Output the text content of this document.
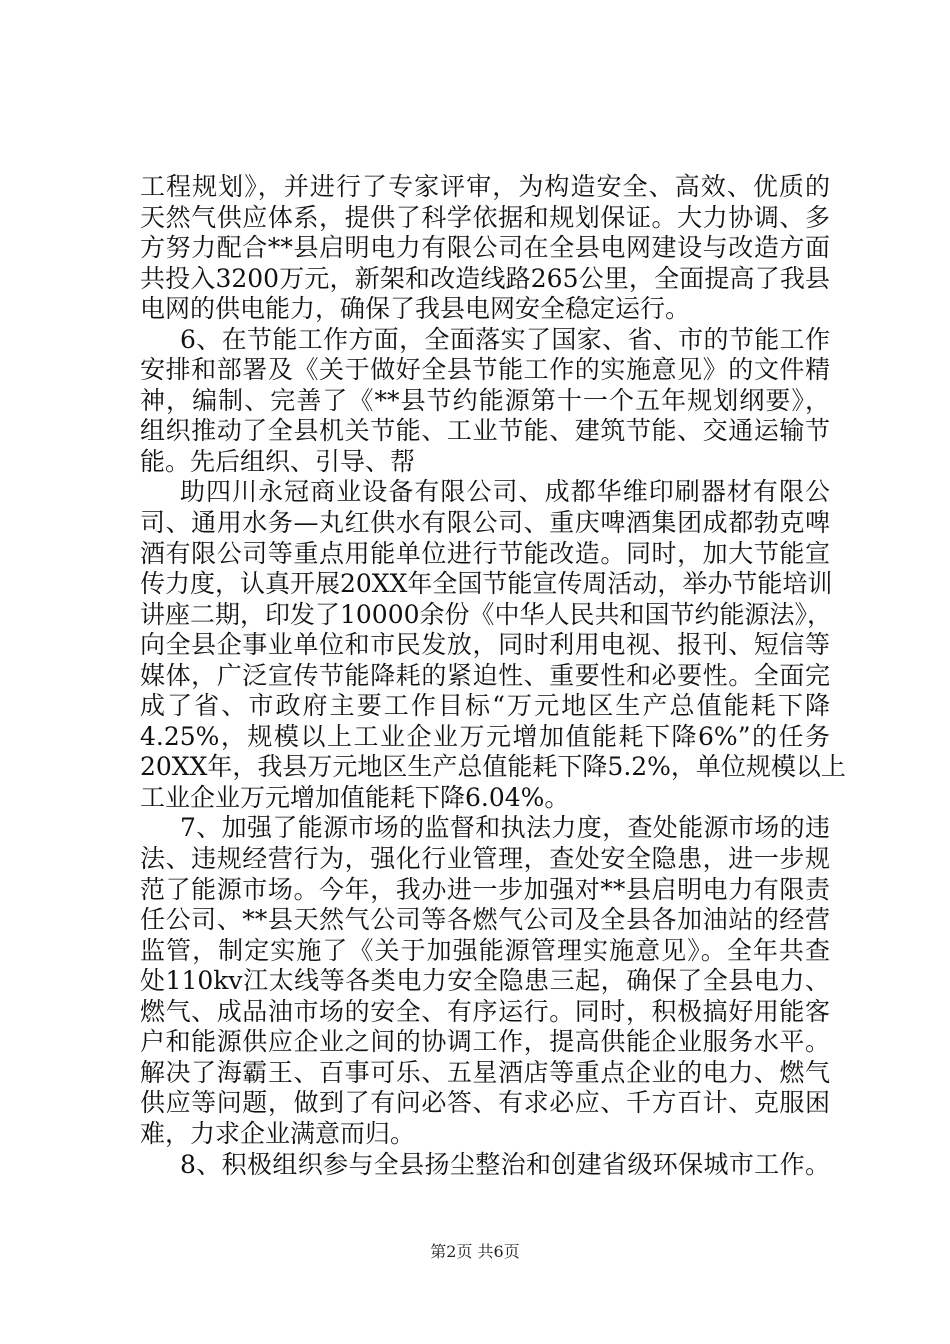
工程规划》，并进行了专家评审，为构造安全、高效、优质的
天然气供应体系，提供了科学依据和规划保证。大力协调、多
方努力配合**县启明电力有限公司在全县电网建设与改造方面
共投入3200万元，新架和改造线路265公里，全面提高了我县
电网的供电能力，确保了我县电网安全稳定运行。
6、在节能工作方面，全面落实了国家、省、市的节能工作
安排和部署及《关于做好全县节能工作的实施意见》的文件精
神，编制、完善了《**县节约能源第十一个五年规划纲要》，
组织推动了全县机关节能、工业节能、建筑节能、交通运输节
能。先后组织、引导、帮
助四川永冠商业设备有限公司、成都华维印刷器材有限公
司、通用水务—丸红供水有限公司、重庆啤酒集团成都勃克啤
酒有限公司等重点用能单位进行节能改造。同时，加大节能宣
传力度，认真开展20XX年全国节能宣传周活动，举办节能培训
讲座二期，印发了10000余份《中华人民共和国节约能源法》，
向全县企事业单位和市民发放，同时利用电视、报刊、短信等
媒体，广泛宣传节能降耗的紧迫性、重要性和必要性。全面完
成了省、市政府主要工作目标“万元地区生产总值能耗下降
4.25%，规模以上工业企业万元增加值能耗下降6%”的任务
20XX年，我县万元地区生产总值能耗下降5.2%，单位规模以上
工业企业万元增加值能耗下降6.04%。
7、加强了能源市场的监督和执法力度，查处能源市场的违
法、违规经营行为，强化行业管理，查处安全隐患，进一步规
范了能源市场。今年，我办进一步加强对**县启明电力有限责
任公司、**县天然气公司等各燃气公司及全县各加油站的经营
监管，制定实施了《关于加强能源管理实施意见》。全年共查
处110kv江太线等各类电力安全隐患三起，确保了全县电力、
燃气、成品油市场的安全、有序运行。同时，积极搞好用能客
户和能源供应企业之间的协调工作，提高供能企业服务水平。
解决了海霸王、百事可乐、五星酒店等重点企业的电力、燃气
供应等问题，做到了有问必答、有求必应、千方百计、克服困
难，力求企业满意而归。
8、积极组织参与全县扬尘整治和创建省级环保城市工作。
第2页 共6页
